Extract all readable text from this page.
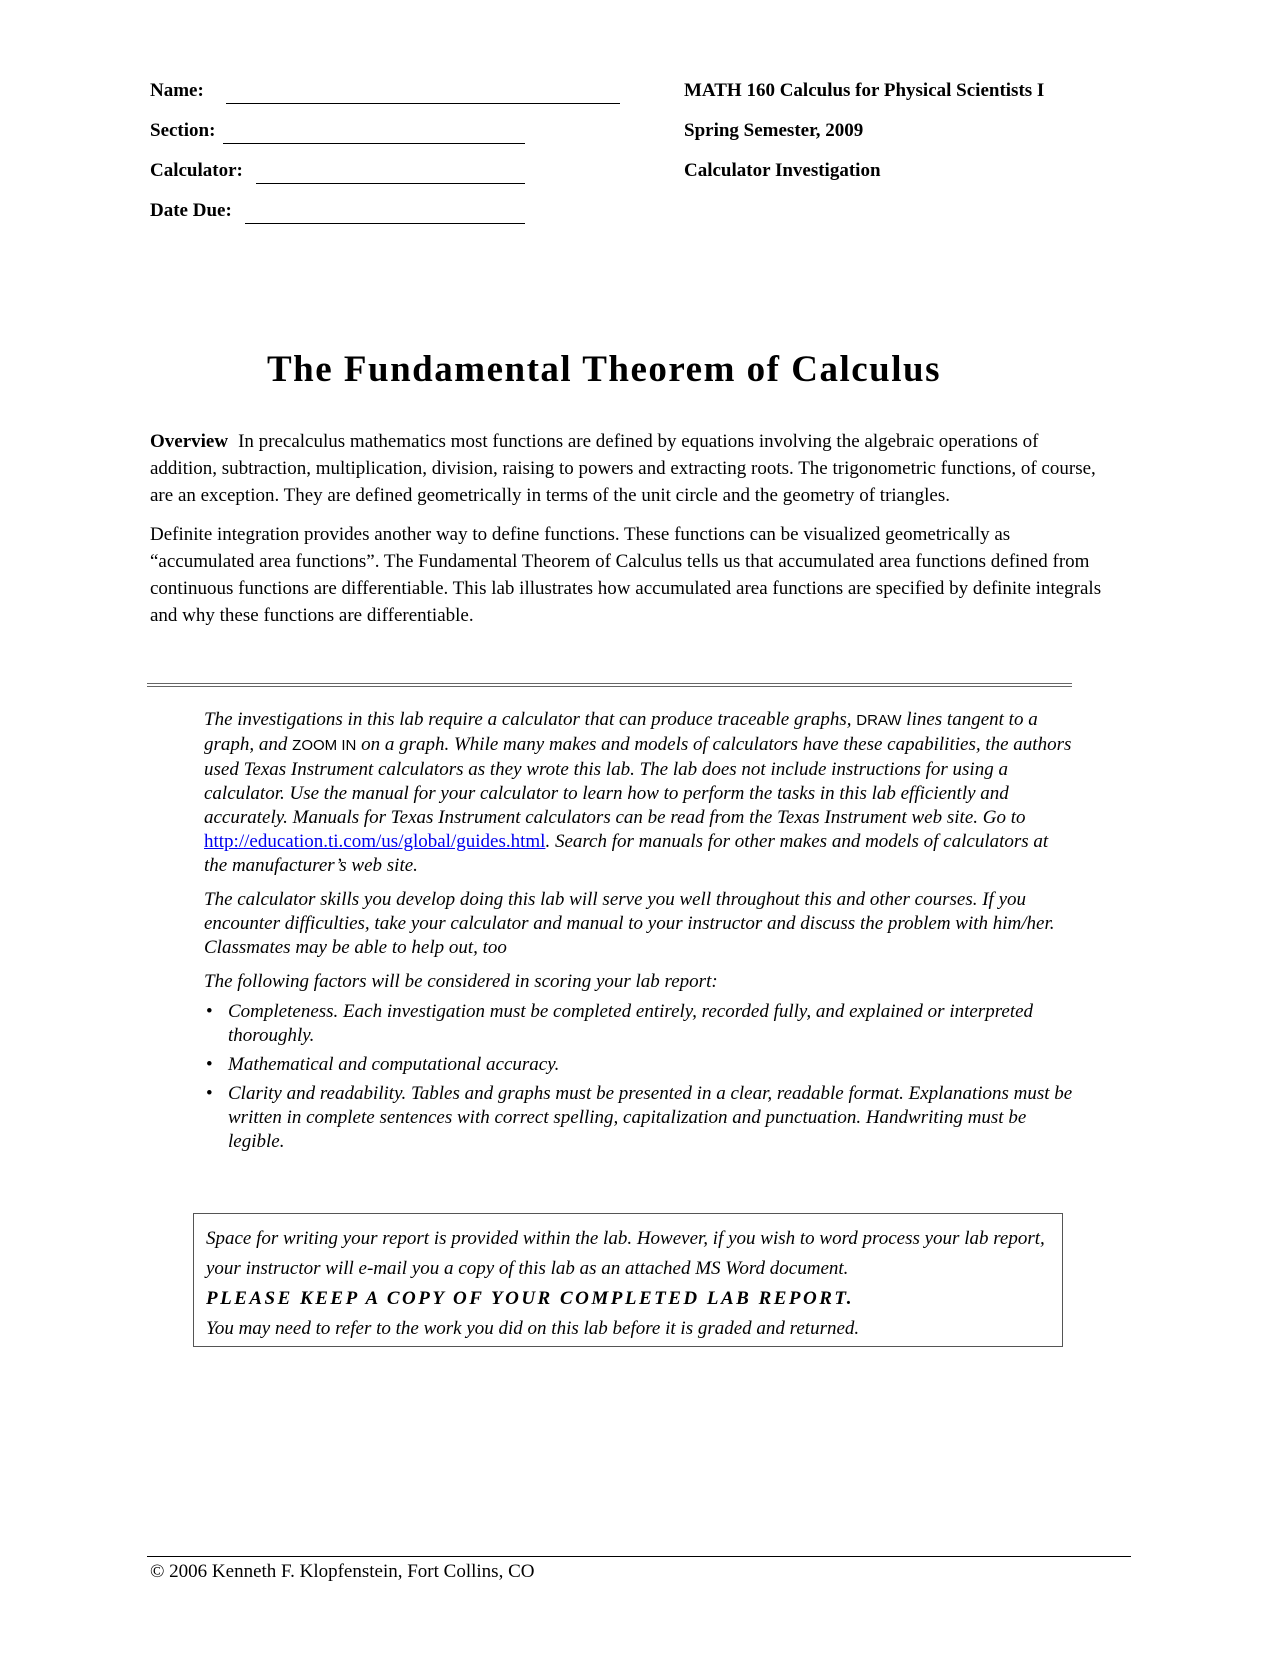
Name:
Section:
Calculator:
Date Due:
MATH 160 Calculus for Physical Scientists I
Spring Semester, 2009
Calculator Investigation
The Fundamental Theorem of Calculus

Overview In precalculus mathematics most functions are defined by equations involving the algebraic operations of addition, subtraction, multiplication, division, raising to powers and extracting roots. The trigonometric functions, of course, are an exception. They are defined geometrically in terms of the unit circle and the geometry of triangles.

Definite integration provides another way to define functions. These functions can be visualized geometrically as “accumulated area functions”. The Fundamental Theorem of Calculus tells us that accumulated area functions defined from continuous functions are differentiable. This lab illustrates how accumulated area functions are specified by definite integrals and why these functions are differentiable.

The investigations in this lab require a calculator that can produce traceable graphs, DRAW lines tangent to a graph, and ZOOM IN on a graph. While many makes and models of calculators have these capabilities, the authors used Texas Instrument calculators as they wrote this lab. The lab does not include instructions for using a calculator. Use the manual for your calculator to learn how to perform the tasks in this lab efficiently and accurately. Manuals for Texas Instrument calculators can be read from the Texas Instrument web site. Go to http://education.ti.com/us/global/guides.html. Search for manuals for other makes and models of calculators at the manufacturer’s web site.

The calculator skills you develop doing this lab will serve you well throughout this and other courses. If you encounter difficulties, take your calculator and manual to your instructor and discuss the problem with him/her. Classmates may be able to help out, too

The following factors will be considered in scoring your lab report:

• Completeness. Each investigation must be completed entirely, recorded fully, and explained or interpreted thoroughly.
• Mathematical and computational accuracy.
• Clarity and readability. Tables and graphs must be presented in a clear, readable format. Explanations must be written in complete sentences with correct spelling, capitalization and punctuation. Handwriting must be legible.
Space for writing your report is provided within the lab. However, if you wish to word process your lab report, your instructor will e-mail you a copy of this lab as an attached MS Word document.
PLEASE KEEP A COPY OF YOUR COMPLETED LAB REPORT.
You may need to refer to the work you did on this lab before it is graded and returned.
© 2006 Kenneth F. Klopfenstein, Fort Collins, CO
